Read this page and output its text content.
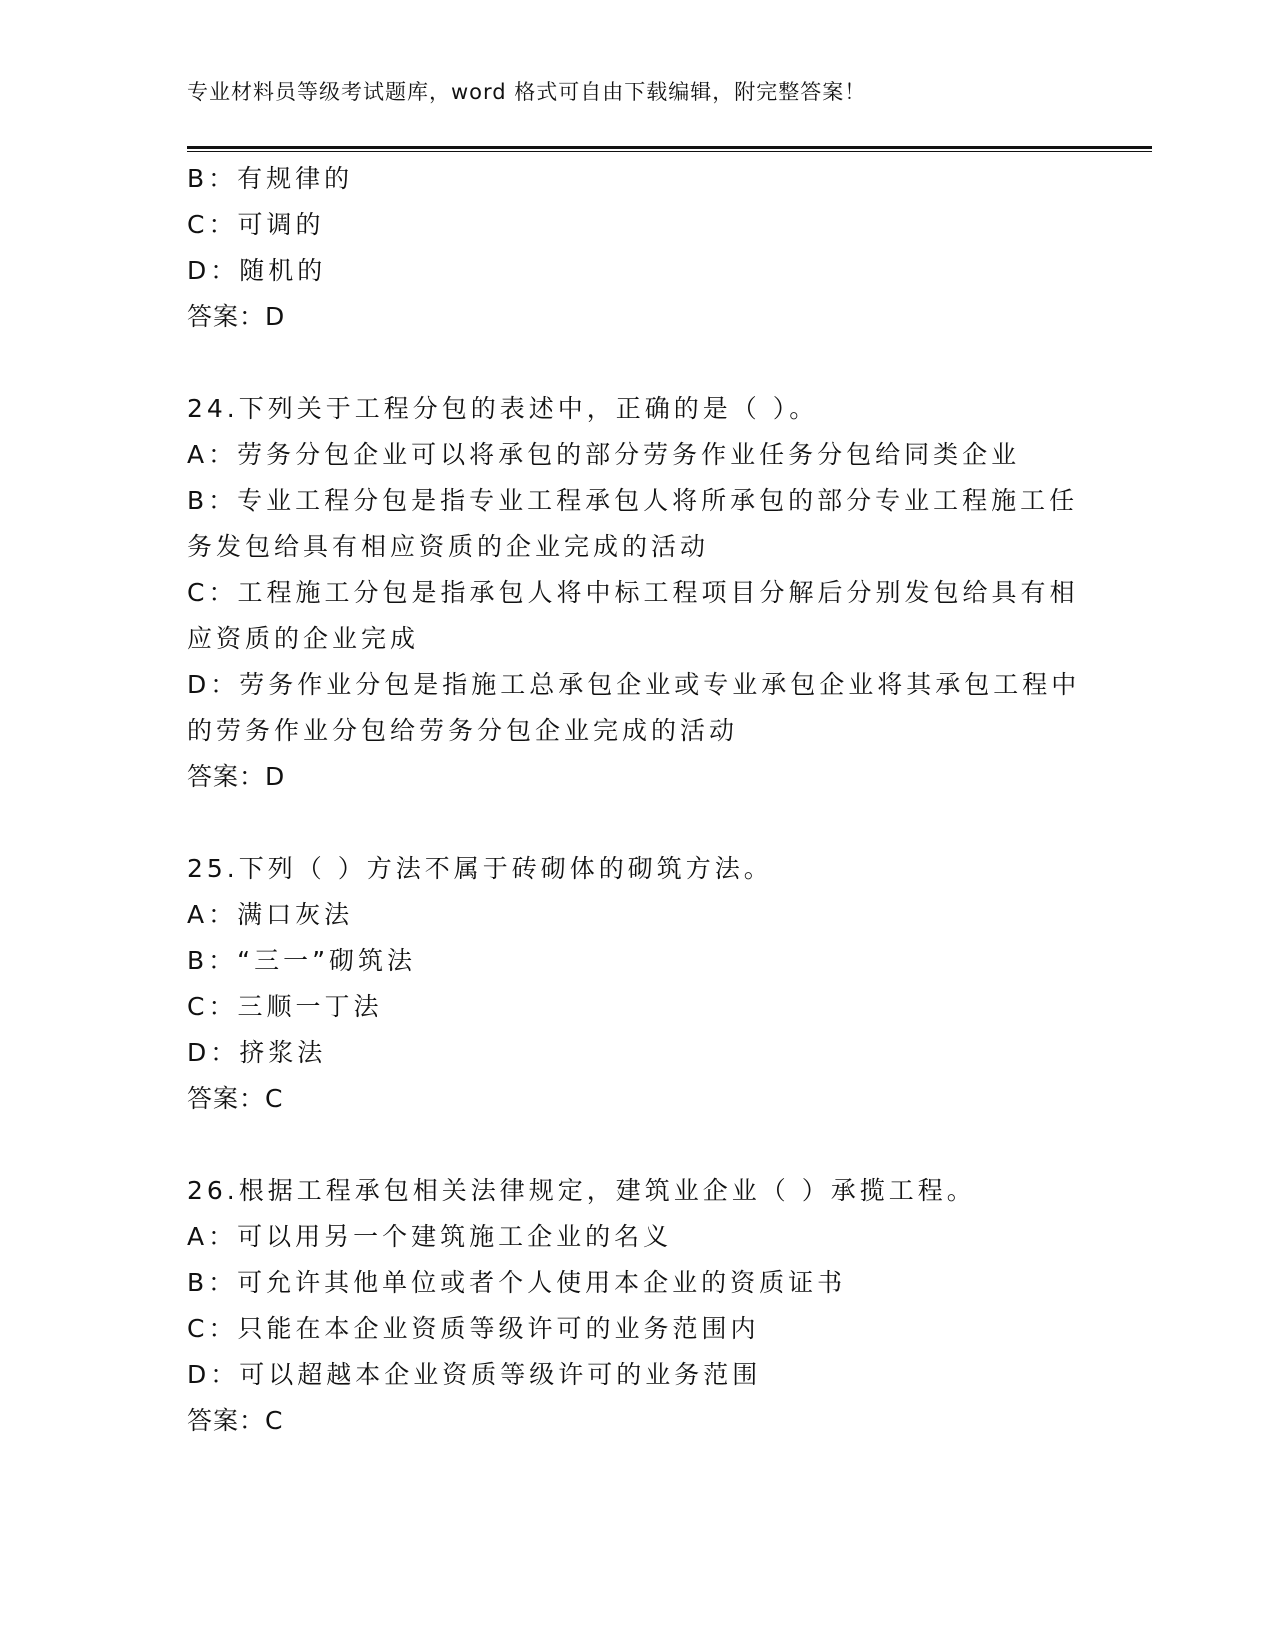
专业材料员等级考试题库，word 格式可自由下载编辑，附完整答案！
B：有规律的
C：可调的
D：随机的
答案：D
24.下列关于工程分包的表述中，正确的是（ ）。
A：劳务分包企业可以将承包的部分劳务作业任务分包给同类企业
B：专业工程分包是指专业工程承包人将所承包的部分专业工程施工任
务发包给具有相应资质的企业完成的活动
C：工程施工分包是指承包人将中标工程项目分解后分别发包给具有相
应资质的企业完成
D：劳务作业分包是指施工总承包企业或专业承包企业将其承包工程中
的劳务作业分包给劳务分包企业完成的活动
答案：D
25.下列（ ）方法不属于砖砌体的砌筑方法。
A：满口灰法
B：“三一”砌筑法
C：三顺一丁法
D：挤浆法
答案：C
26.根据工程承包相关法律规定，建筑业企业（ ）承揽工程。
A：可以用另一个建筑施工企业的名义
B：可允许其他单位或者个人使用本企业的资质证书
C：只能在本企业资质等级许可的业务范围内
D：可以超越本企业资质等级许可的业务范围
答案：C
